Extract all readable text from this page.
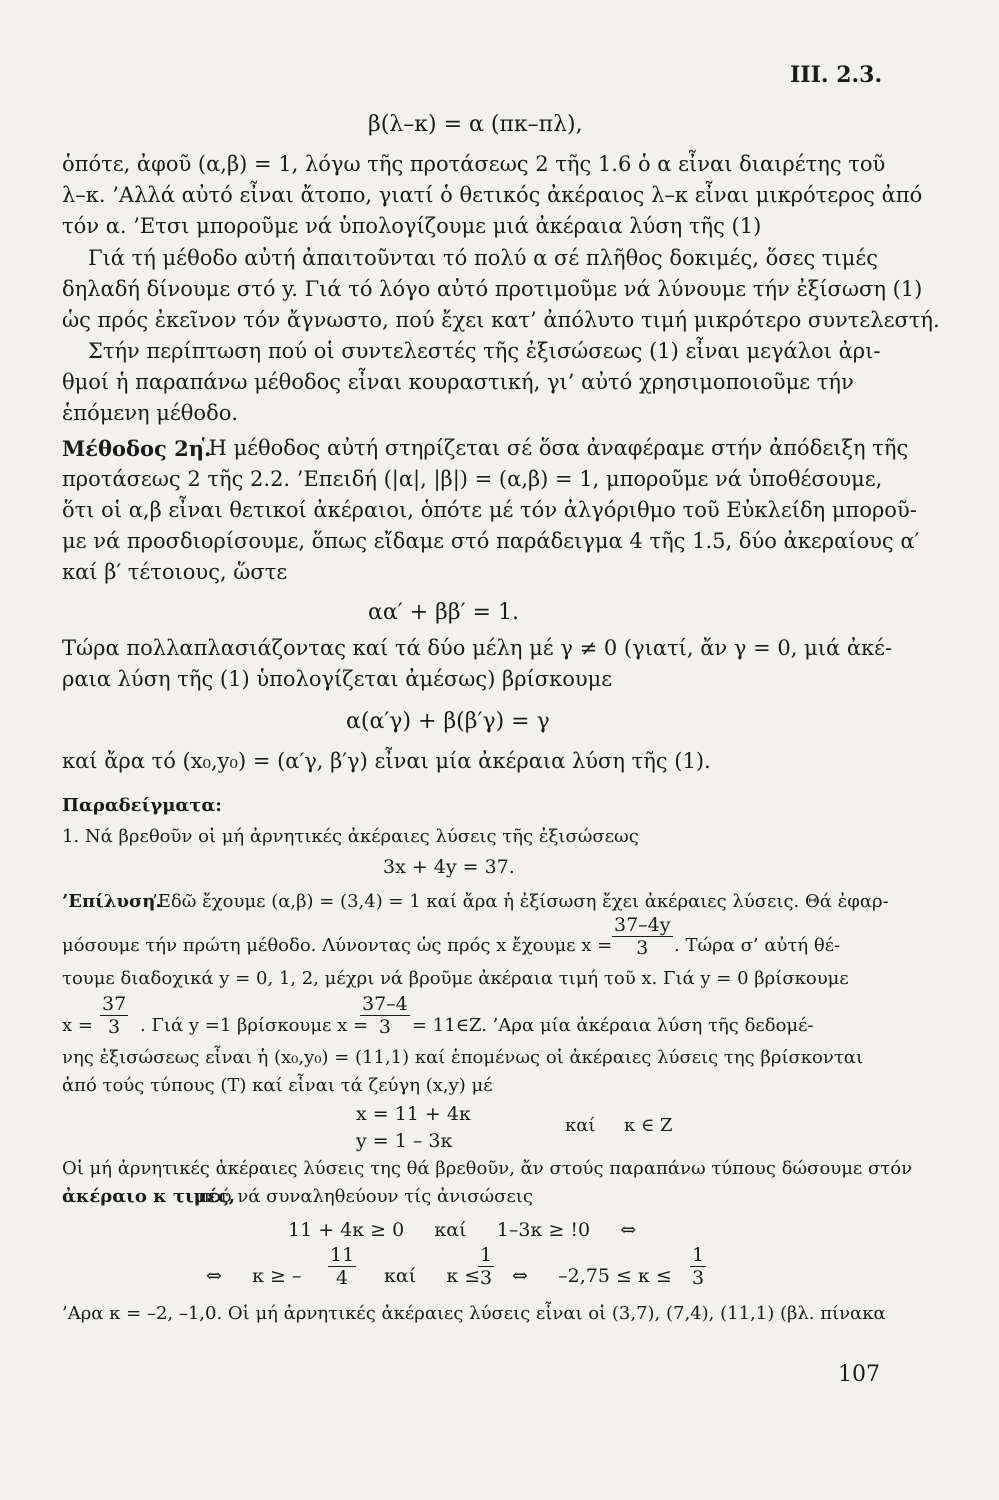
III. 2.3.
β(λ–κ) = α (πκ–πλ),
ὁπότε, ἀφοῦ (α,β) = 1, λόγω τῆς προτάσεως 2 τῆς 1.6 ὁ α εἶναι διαιρέτης τοῦ
λ–κ. ’Αλλά αὐτό εἶναι ἄτοπο, γιατί ὁ θετικός ἀκέραιος λ–κ εἶναι μικρότερος ἀπό
τόν α. ’Ετσι μποροῦμε νά ὑπολογίζουμε μιά ἀκέραια λύση τῆς (1)
Γιά τή μέθοδο αὐτή ἀπαιτοῦνται τό πολύ α σέ πλῆθος δοκιμές, ὅσες τιμές
δηλαδή δίνουμε στό y. Γιά τό λόγο αὐτό προτιμοῦμε νά λύνουμε τήν ἐξίσωση (1)
ὡς πρός ἐκεῖνον τόν ἄγνωστο, πού ἔχει κατ’ ἀπόλυτο τιμή μικρότερο συντελεστή.
Στήν περίπτωση πού οἱ συντελεστές τῆς ἐξισώσεως (1) εἶναι μεγάλοι ἀρι-
θμοί ἡ παραπάνω μέθοδος εἶναι κουραστική, γι’ αὐτό χρησιμοποιοῦμε τήν
ἑπόμενη μέθοδο.
Μέθοδος 2η.
῾Η μέθοδος αὐτή στηρίζεται σέ ὅσα ἀναφέραμε στήν ἀπόδειξη τῆς
προτάσεως 2 τῆς 2.2. ’Επειδή (|α|, |β|) = (α,β) = 1, μποροῦμε νά ὑποθέσουμε,
ὅτι οἱ α,β εἶναι θετικοί ἀκέραιοι, ὁπότε μέ τόν ἀλγόριθμο τοῦ Εὐκλείδη μποροῦ-
με νά προσδιορίσουμε, ὅπως εἴδαμε στό παράδειγμα 4 τῆς 1.5, δύο ἀκεραίους α′
καί β′ τέτοιους, ὥστε
αα′ + ββ′ = 1.
Τώρα πολλαπλασιάζοντας καί τά δύο μέλη μέ γ ≠ 0 (γιατί, ἄν γ = 0, μιά ἀκέ-
ραια λύση τῆς (1) ὑπολογίζεται ἀμέσως) βρίσκουμε
α(α′γ) + β(β′γ) = γ
καί ἄρα τό (x₀,y₀) = (α′γ, β′γ) εἶναι μία ἀκέραια λύση τῆς (1).
Παραδείγματα:
1. Νά βρεθοῦν οἱ μή ἀρνητικές ἀκέραιες λύσεις τῆς ἐξισώσεως
3x + 4y = 37.
’Επίλυση.
’Εδῶ ἔχουμε (α,β) = (3,4) = 1 καί ἄρα ἡ ἐξίσωση ἔχει ἀκέραιες λύσεις. Θά ἐφαρ-
μόσουμε τήν πρώτη μέθοδο. Λύνοντας ὡς πρός x ἔχουμε $x = \frac{37-4y}{3}$ . Τώρα σ’ αὐτή θέ-
τουμε διαδοχικά y = 0, 1, 2, μέχρι νά βροῦμε ἀκέραια τιμή τοῦ x. Γιά y = 0 βρίσκουμε
$x = \frac{37}{3}$ . Γιά y =1 βρίσκουμε x =
$\frac{37-4}{3}$ = 11∈Z. ’Αρα μία ἀκέραια λύση τῆς δεδομέ-
νης ἐξισώσεως εἶναι ἡ (x₀,y₀) = (11,1) καί ἑπομένως οἱ ἀκέραιες λύσεις της βρίσκονται
ἀπό τούς τύπους (T) καί εἶναι τά ζεύγη (x,y) μέ
x = 11 + 4κ
y = 1 – 3κ
καί κ ∈ Z
Οἱ μή ἀρνητικές ἀκέραιες λύσεις της θά βρεθοῦν, ἄν στούς παραπάνω τύπους δώσουμε στόν
ἀκέραιο κ τιμές,
πού νά συναληθεύουν τίς ἀνισώσεις
11 + 4κ ≥ 0     καί     1–3κ ≥ !0     ⇔
⇔     κ ≥ – $\frac{11}{4}$ καί     κ ≤
$\frac{1}{3}$ ⇔     $-2,75 \le \kappa \le \frac{1}{3}$
’Αρα κ = –2, –1,0. Οἱ μή ἀρνητικές ἀκέραιες λύσεις εἶναι οἱ (3,7), (7,4), (11,1) (βλ. πίνακα
107
